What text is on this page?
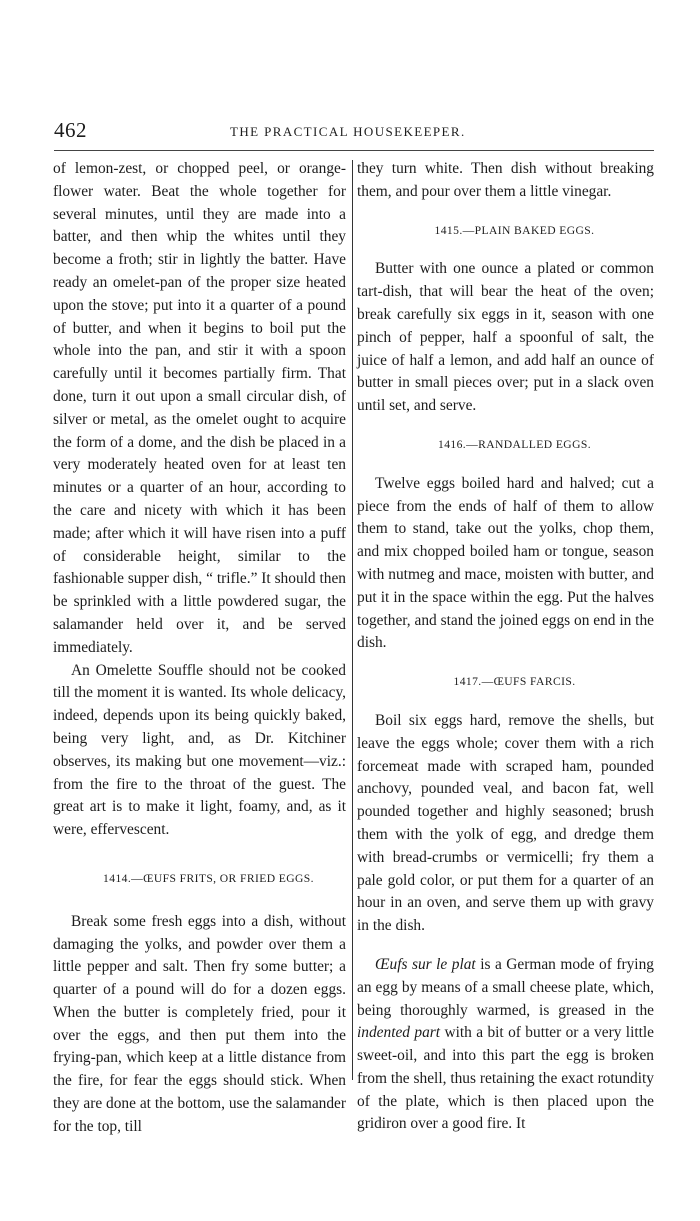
462	THE PRACTICAL HOUSEKEEPER.

of lemon-zest, or chopped peel, or orange-flower water. Beat the whole together for several minutes, until they are made into a batter, and then whip the whites until they become a froth; stir in lightly the batter. Have ready an omelet-pan of the proper size heated upon the stove; put into it a quarter of a pound of butter, and when it begins to boil put the whole into the pan, and stir it with a spoon carefully until it becomes partially firm. That done, turn it out upon a small circular dish, of silver or metal, as the omelet ought to acquire the form of a dome, and the dish be placed in a very moderately heated oven for at least ten minutes or a quarter of an hour, according to the care and nicety with which it has been made; after which it will have risen into a puff of considerable height, similar to the fashionable supper dish, “ trifle.” It should then be sprinkled with a little powdered sugar, the salamander held over it, and be served immediately.

An Omelette Souffle should not be cooked till the moment it is wanted. Its whole delicacy, indeed, depends upon its being quickly baked, being very light, and, as Dr. Kitchiner observes, its making but one movement—viz.: from the fire to the throat of the guest. The great art is to make it light, foamy, and, as it were, effervescent.

1414.—ŒUFS FRITS, OR FRIED EGGS.

Break some fresh eggs into a dish, without damaging the yolks, and powder over them a little pepper and salt. Then fry some butter; a quarter of a pound will do for a dozen eggs. When the butter is completely fried, pour it over the eggs, and then put them into the frying-pan, which keep at a little distance from the fire, for fear the eggs should stick. When they are done at the bottom, use the salamander for the top, till

they turn white. Then dish without breaking them, and pour over them a little vinegar.

1415.—PLAIN BAKED EGGS.

Butter with one ounce a plated or common tart-dish, that will bear the heat of the oven; break carefully six eggs in it, season with one pinch of pepper, half a spoonful of salt, the juice of half a lemon, and add half an ounce of butter in small pieces over; put in a slack oven until set, and serve.

1416.—RANDALLED EGGS.

Twelve eggs boiled hard and halved; cut a piece from the ends of half of them to allow them to stand, take out the yolks, chop them, and mix chopped boiled ham or tongue, season with nutmeg and mace, moisten with butter, and put it in the space within the egg. Put the halves together, and stand the joined eggs on end in the dish.

1417.—ŒUFS FARCIS.

Boil six eggs hard, remove the shells, but leave the eggs whole; cover them with a rich forcemeat made with scraped ham, pounded anchovy, pounded veal, and bacon fat, well pounded together and highly seasoned; brush them with the yolk of egg, and dredge them with bread-crumbs or vermicelli; fry them a pale gold color, or put them for a quarter of an hour in an oven, and serve them up with gravy in the dish.

Œufs sur le plat is a German mode of frying an egg by means of a small cheese plate, which, being thoroughly warmed, is greased in the indented part with a bit of butter or a very little sweet-oil, and into this part the egg is broken from the shell, thus retaining the exact rotundity of the plate, which is then placed upon the gridiron over a good fire. It
